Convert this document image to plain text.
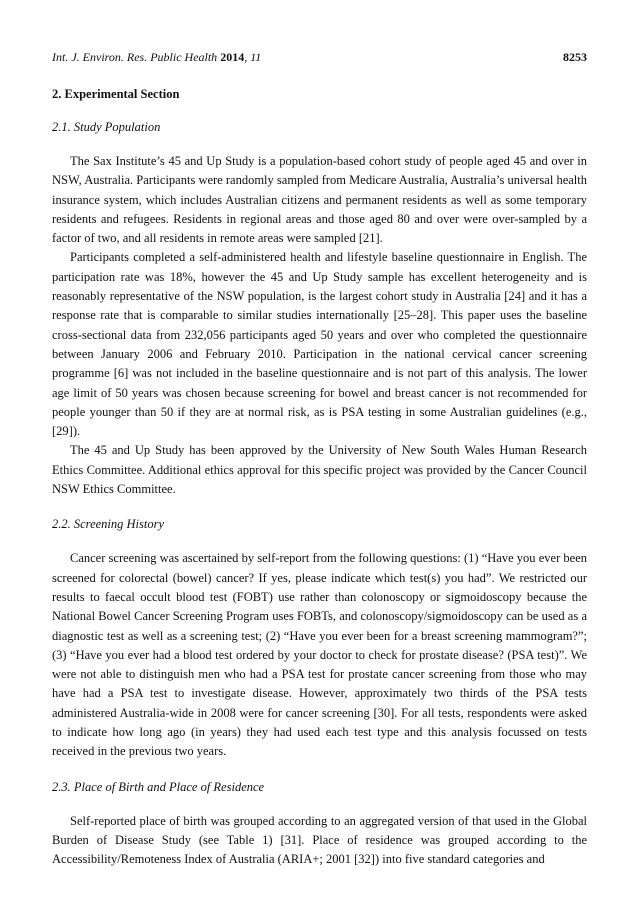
Int. J. Environ. Res. Public Health 2014, 11	8253
2. Experimental Section
2.1. Study Population

The Sax Institute’s 45 and Up Study is a population-based cohort study of people aged 45 and over in NSW, Australia. Participants were randomly sampled from Medicare Australia, Australia’s universal health insurance system, which includes Australian citizens and permanent residents as well as some temporary residents and refugees. Residents in regional areas and those aged 80 and over were over-sampled by a factor of two, and all residents in remote areas were sampled [21].

Participants completed a self-administered health and lifestyle baseline questionnaire in English. The participation rate was 18%, however the 45 and Up Study sample has excellent heterogeneity and is reasonably representative of the NSW population, is the largest cohort study in Australia [24] and it has a response rate that is comparable to similar studies internationally [25–28]. This paper uses the baseline cross-sectional data from 232,056 participants aged 50 years and over who completed the questionnaire between January 2006 and February 2010. Participation in the national cervical cancer screening programme [6] was not included in the baseline questionnaire and is not part of this analysis. The lower age limit of 50 years was chosen because screening for bowel and breast cancer is not recommended for people younger than 50 if they are at normal risk, as is PSA testing in some Australian guidelines (e.g., [29]).

The 45 and Up Study has been approved by the University of New South Wales Human Research Ethics Committee. Additional ethics approval for this specific project was provided by the Cancer Council NSW Ethics Committee.

2.2. Screening History

Cancer screening was ascertained by self-report from the following questions: (1) “Have you ever been screened for colorectal (bowel) cancer? If yes, please indicate which test(s) you had”. We restricted our results to faecal occult blood test (FOBT) use rather than colonoscopy or sigmoidoscopy because the National Bowel Cancer Screening Program uses FOBTs, and colonoscopy/sigmoidoscopy can be used as a diagnostic test as well as a screening test; (2) “Have you ever been for a breast screening mammogram?”; (3) “Have you ever had a blood test ordered by your doctor to check for prostate disease? (PSA test)”. We were not able to distinguish men who had a PSA test for prostate cancer screening from those who may have had a PSA test to investigate disease. However, approximately two thirds of the PSA tests administered Australia-wide in 2008 were for cancer screening [30]. For all tests, respondents were asked to indicate how long ago (in years) they had used each test type and this analysis focussed on tests received in the previous two years.

2.3. Place of Birth and Place of Residence

Self-reported place of birth was grouped according to an aggregated version of that used in the Global Burden of Disease Study (see Table 1) [31]. Place of residence was grouped according to the Accessibility/Remoteness Index of Australia (ARIA+; 2001 [32]) into five standard categories and
